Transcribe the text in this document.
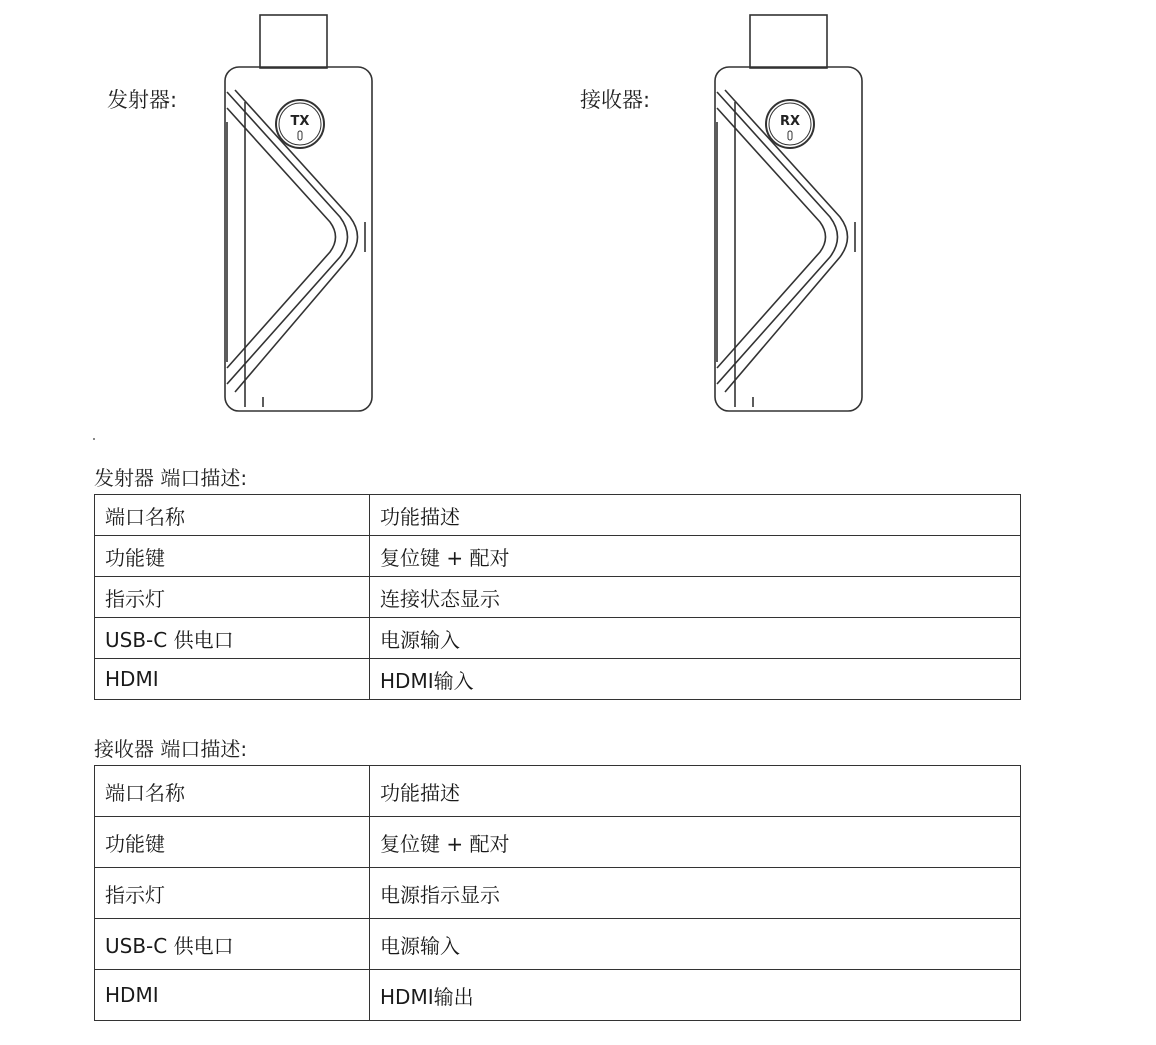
发射器:	接收器:
TX	RX
发射器 端口描述:
端口名称	功能描述
功能键	复位键 + 配对
指示灯	连接状态显示
USB-C 供电口	电源输入
HDMI	HDMI输入
接收器 端口描述:
端口名称	功能描述
功能键	复位键 + 配对
指示灯	电源指示显示
USB-C 供电口	电源输入
HDMI	HDMI输出
